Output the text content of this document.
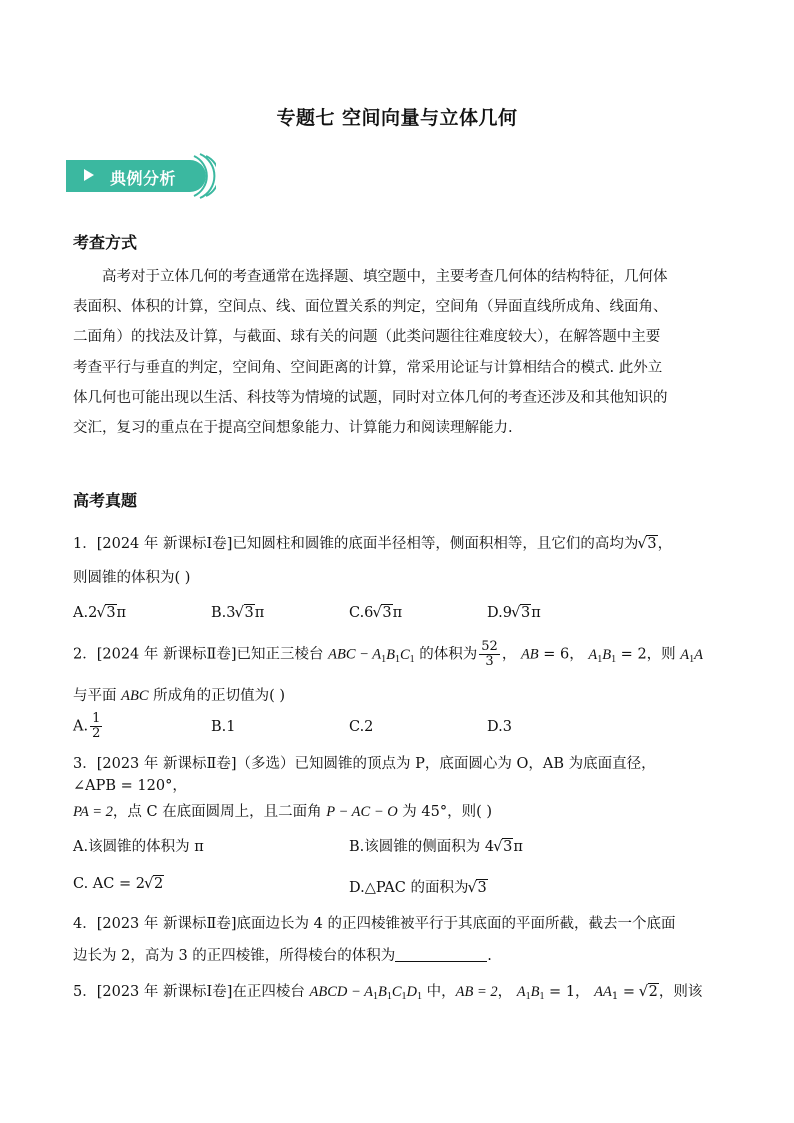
专题七 空间向量与立体几何
典例分析
考查方式
高考对于立体几何的考查通常在选择题、填空题中，主要考查几何体的结构特征，几何体
表面积、体积的计算，空间点、线、面位置关系的判定，空间角（异面直线所成角、线面角、
二面角）的找法及计算，与截面、球有关的问题（此类问题往往难度较大），在解答题中主要
考查平行与垂直的判定，空间角、空间距离的计算，常采用论证与计算相结合的模式. 此外立
体几何也可能出现以生活、科技等为情境的试题，同时对立体几何的考查还涉及和其他知识的
交汇，复习的重点在于提高空间想象能力、计算能力和阅读理解能力.
高考真题
1．[2024 年 新课标Ⅰ卷]已知圆柱和圆锥的底面半径相等，侧面积相等，且它们的高均为 √ 3，
则圆锥的体积为( )
A.2 √ 3π	B.3 √ 3π	C.6 √ 3π	D.9 √ 3π
2．[2024 年 新课标Ⅱ卷]已知正三棱台 ABC − $A_1B_1C_1$ 的体积为 $\frac{52}{3}$ ， AB = 6， $A_1B_1 = 2$，则 $A_1A$
与平面 ABC 所成角的正切值为( )
A. $\frac{1}{2}$	B.1	C.2	D.3
3．[2023 年 新课标Ⅱ卷]（多选）已知圆锥的顶点为 P，底面圆心为 O，AB 为底面直径，
∠APB = 120°，
PA = 2，点 C 在底面圆周上，且二面角 P − AC − O 为 45°，则( )
A.该圆锥的体积为 π	B.该圆锥的侧面积为 4 √ 3π
C. AC = 2 √ 2	D.△PAC 的面积为 √ 3
4．[2023 年 新课标Ⅱ卷]底面边长为 4 的正四棱锥被平行于其底面的平面所截，截去一个底面
边长为 2，高为 3 的正四棱锥，所得棱台的体积为	.
5．[2023 年 新课标Ⅰ卷]在正四棱台 ABCD − $A_1B_1C_1D_1$ 中，AB = 2， $A_1B_1 = 1$， $AA_1$ = √ 2，则该
